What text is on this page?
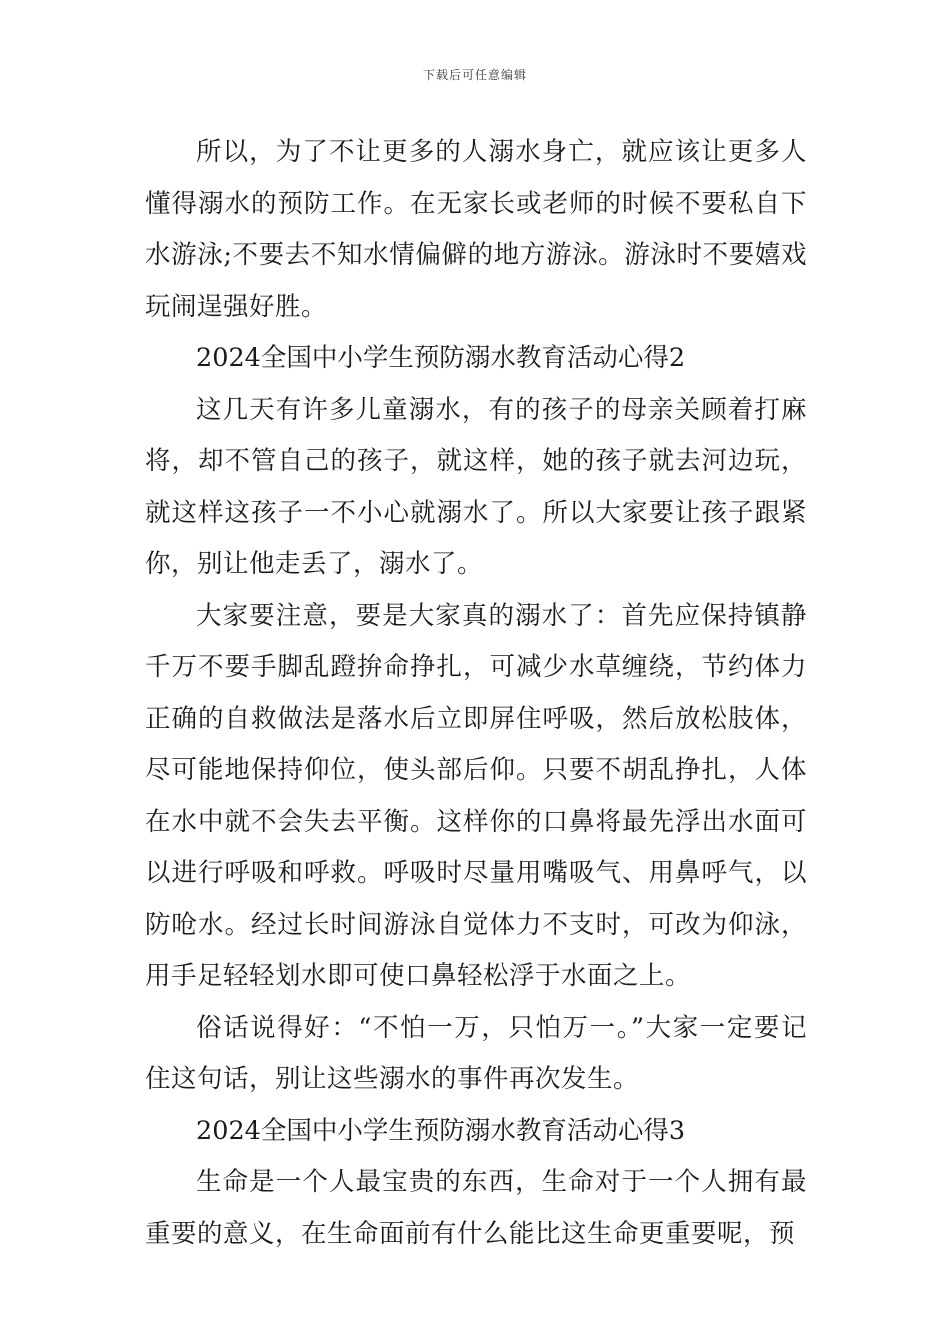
下载后可任意编辑

所以，为了不让更多的人溺水身亡，就应该让更多人懂得溺水的预防工作。在无家长或老师的时候不要私自下水游泳;不要去不知水情偏僻的地方游泳。游泳时不要嬉戏玩闹逞强好胜。

2024全国中小学生预防溺水教育活动心得2

这几天有许多儿童溺水，有的孩子的母亲关顾着打麻将，却不管自己的孩子，就这样，她的孩子就去河边玩，就这样这孩子一不小心就溺水了。所以大家要让孩子跟紧你，别让他走丢了，溺水了。

大家要注意，要是大家真的溺水了：首先应保持镇静千万不要手脚乱蹬拚命挣扎，可减少水草缠绕，节约体力正确的自救做法是落水后立即屏住呼吸，然后放松肢体，尽可能地保持仰位，使头部后仰。只要不胡乱挣扎，人体在水中就不会失去平衡。这样你的口鼻将最先浮出水面可以进行呼吸和呼救。呼吸时尽量用嘴吸气、用鼻呼气，以防呛水。经过长时间游泳自觉体力不支时，可改为仰泳，用手足轻轻划水即可使口鼻轻松浮于水面之上。

俗话说得好：“不怕一万，只怕万一。”大家一定要记住这句话，别让这些溺水的事件再次发生。

2024全国中小学生预防溺水教育活动心得3

生命是一个人最宝贵的东西，生命对于一个人拥有最重要的意义，在生命面前有什么能比这生命更重要呢，预
